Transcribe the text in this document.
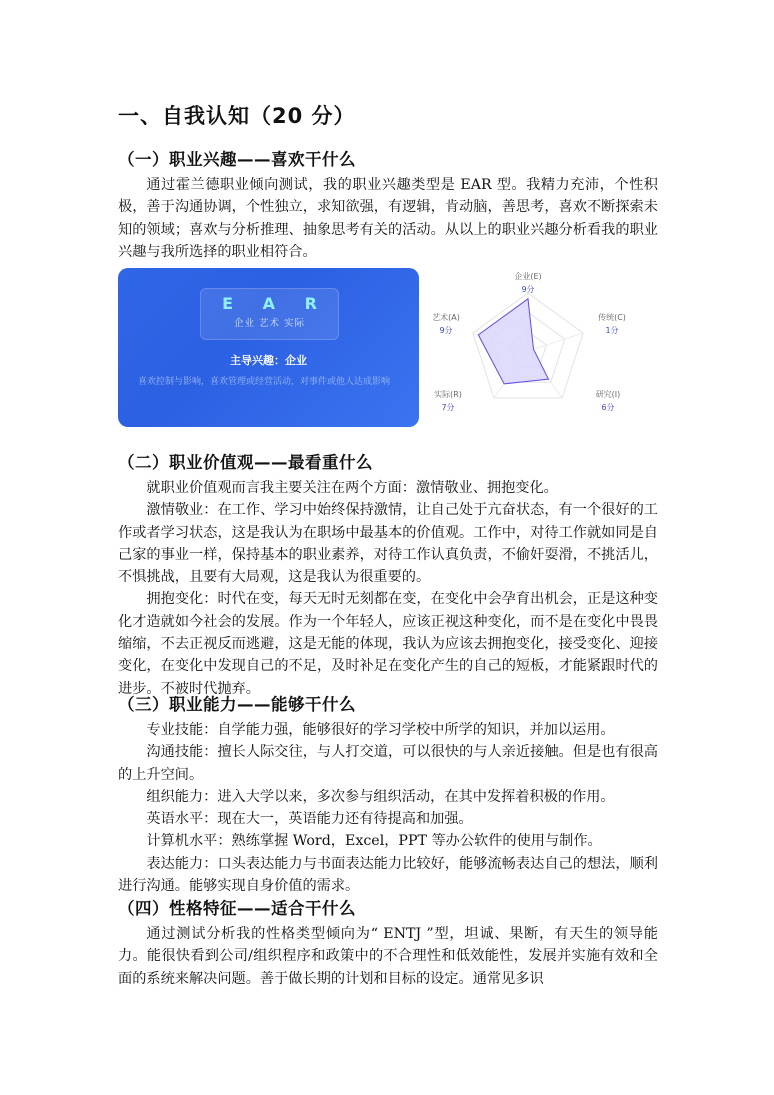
一、自我认知（20 分）
（一）职业兴趣——喜欢干什么

通过霍兰德职业倾向测试，我的职业兴趣类型是 EAR 型。我精力充沛，个性积极，善于沟通协调，个性独立，求知欲强，有逻辑，肯动脑，善思考，喜欢不断探索未知的领域；喜欢与分析推理、抽象思考有关的活动。从以上的职业兴趣分析看我的职业兴趣与我所选择的职业相符合。

E A R
企业 艺术 实际
主导兴趣：企业
喜欢控制与影响，喜欢管理或经营活动，对事件或他人达成影响
企业(E)
9分
传统(C)
1分
研究(I)
6分
实际(R)
7分
艺术(A)
9分
（二）职业价值观——最看重什么

就职业价值观而言我主要关注在两个方面：激情敬业、拥抱变化。

激情敬业：在工作、学习中始终保持激情，让自己处于亢奋状态，有一个很好的工作或者学习状态，这是我认为在职场中最基本的价值观。工作中，对待工作就如同是自己家的事业一样，保持基本的职业素养，对待工作认真负责，不偷奸耍滑，不挑活儿，不惧挑战，且要有大局观，这是我认为很重要的。

拥抱变化：时代在变，每天无时无刻都在变，在变化中会孕育出机会，正是这种变化才造就如今社会的发展。作为一个年轻人，应该正视这种变化，而不是在变化中畏畏缩缩，不去正视反而逃避，这是无能的体现，我认为应该去拥抱变化，接受变化、迎接变化，在变化中发现自己的不足，及时补足在变化产生的自己的短板，才能紧跟时代的进步。不被时代抛弃。

（三）职业能力——能够干什么

专业技能：自学能力强，能够很好的学习学校中所学的知识，并加以运用。

沟通技能：擅长人际交往，与人打交道，可以很快的与人亲近接触。但是也有很高的上升空间。

组织能力：进入大学以来，多次参与组织活动，在其中发挥着积极的作用。

英语水平：现在大一，英语能力还有待提高和加强。

计算机水平：熟练掌握 Word，Excel，PPT 等办公软件的使用与制作。

表达能力：口头表达能力与书面表达能力比较好，能够流畅表达自己的想法，顺利进行沟通。能够实现自身价值的需求。

（四）性格特征——适合干什么

通过测试分析我的性格类型倾向为“ ENTJ ”型，坦诚、果断，有天生的领导能力。能很快看到公司/组织程序和政策中的不合理性和低效能性，发展并实施有效和全面的系统来解决问题。善于做长期的计划和目标的设定。通常见多识
